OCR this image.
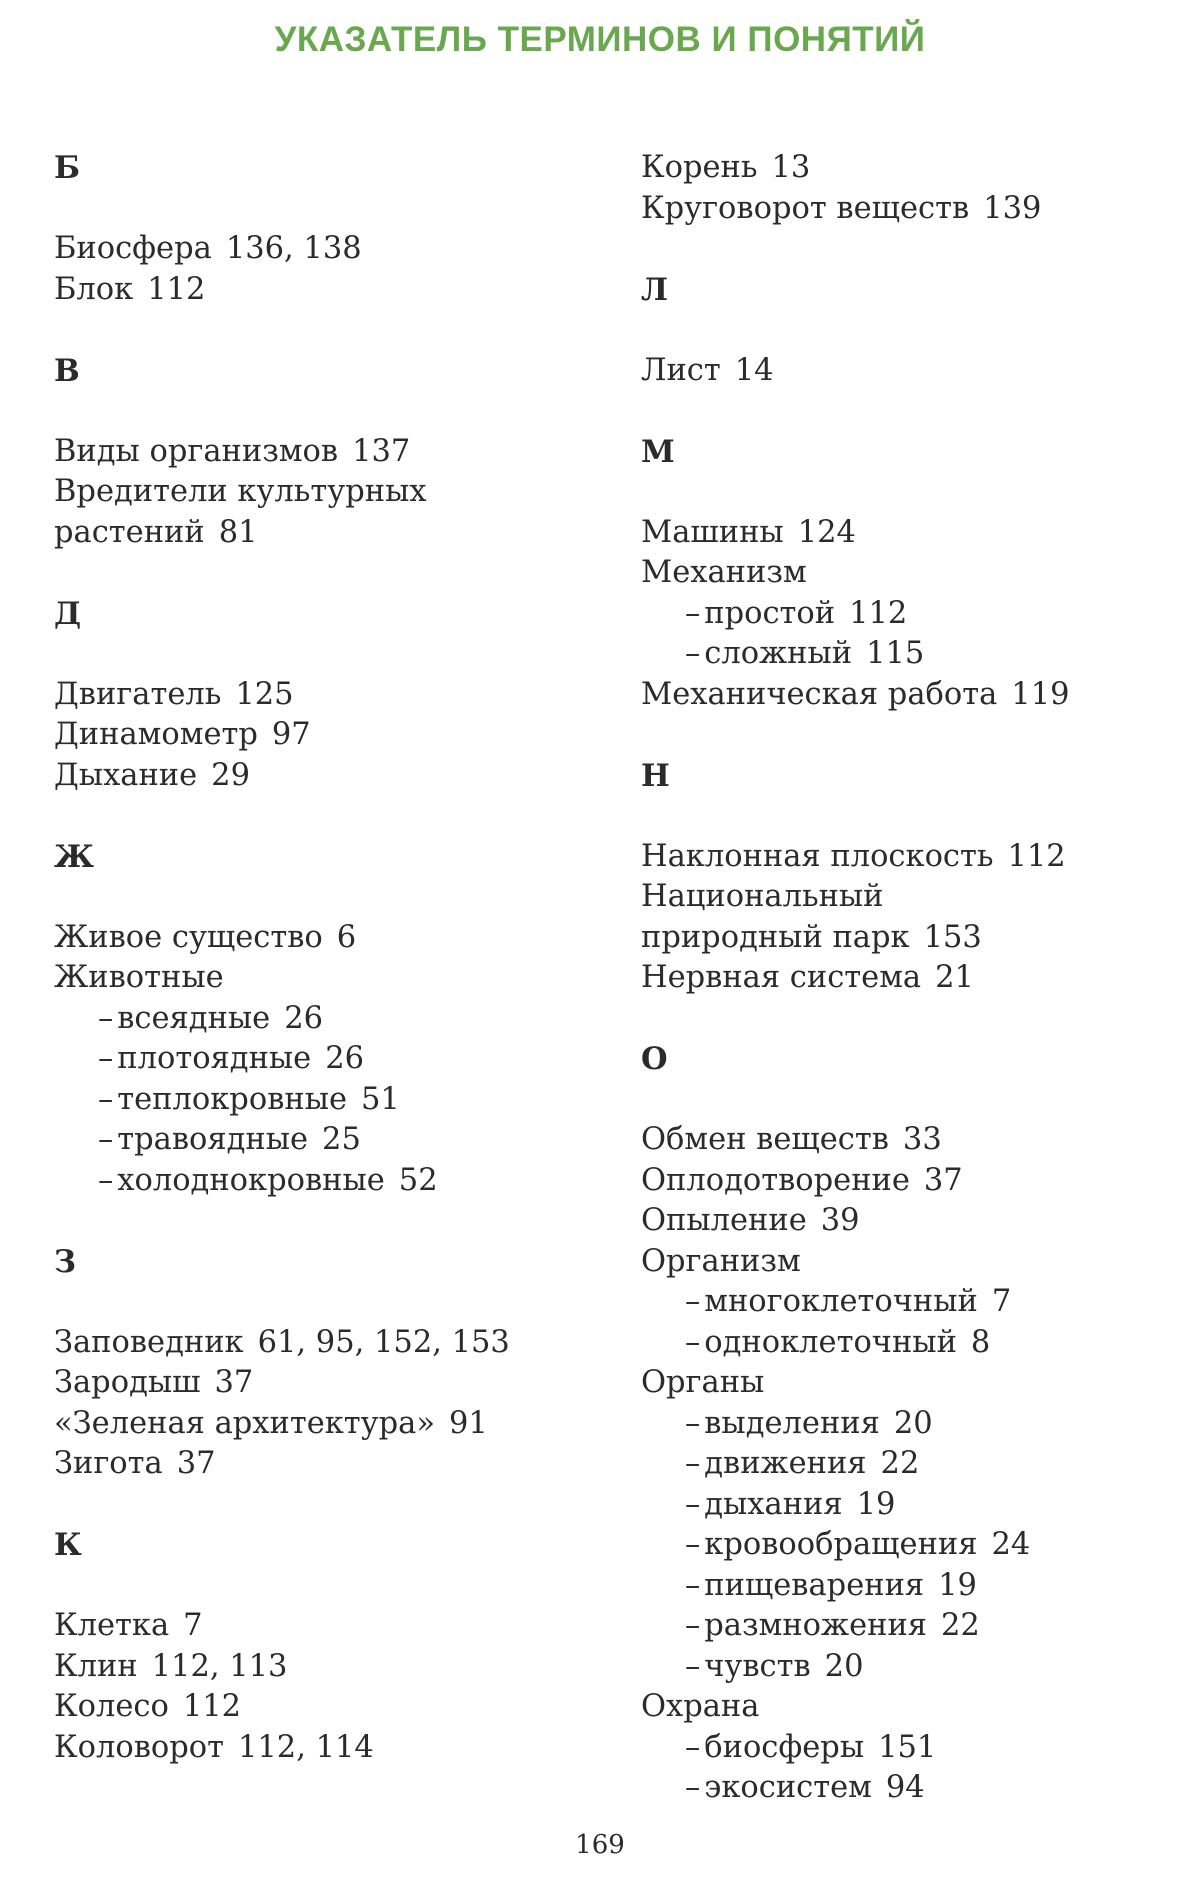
УКАЗАТЕЛЬ ТЕРМИНОВ И ПОНЯТИЙ
Б
Биосфера 136, 138
Блок 112
В
Виды организмов 137
Вредители культурных
растений 81
Д
Двигатель 125
Динамометр 97
Дыхание 29
Ж
Живое существо 6
Животные
– всеядные 26
– плотоядные 26
– теплокровные 51
– травоядные 25
– холоднокровные 52
З
Заповедник 61, 95, 152, 153
Зародыш 37
«Зеленая архитектура» 91
Зигота 37
К
Клетка 7
Клин 112, 113
Колесо 112
Коловорот 112, 114
Корень 13
Круговорот веществ 139
Л
Лист 14
М
Машины 124
Механизм
– простой 112
– сложный 115
Механическая работа 119
Н
Наклонная плоскость 112
Национальный
природный парк 153
Нервная система 21
О
Обмен веществ 33
Оплодотворение 37
Опыление 39
Организм
– многоклеточный 7
– одноклеточный 8
Органы
– выделения 20
– движения 22
– дыхания 19
– кровообращения 24
– пищеварения 19
– размножения 22
– чувств 20
Охрана
– биосферы 151
– экосистем 94
169
